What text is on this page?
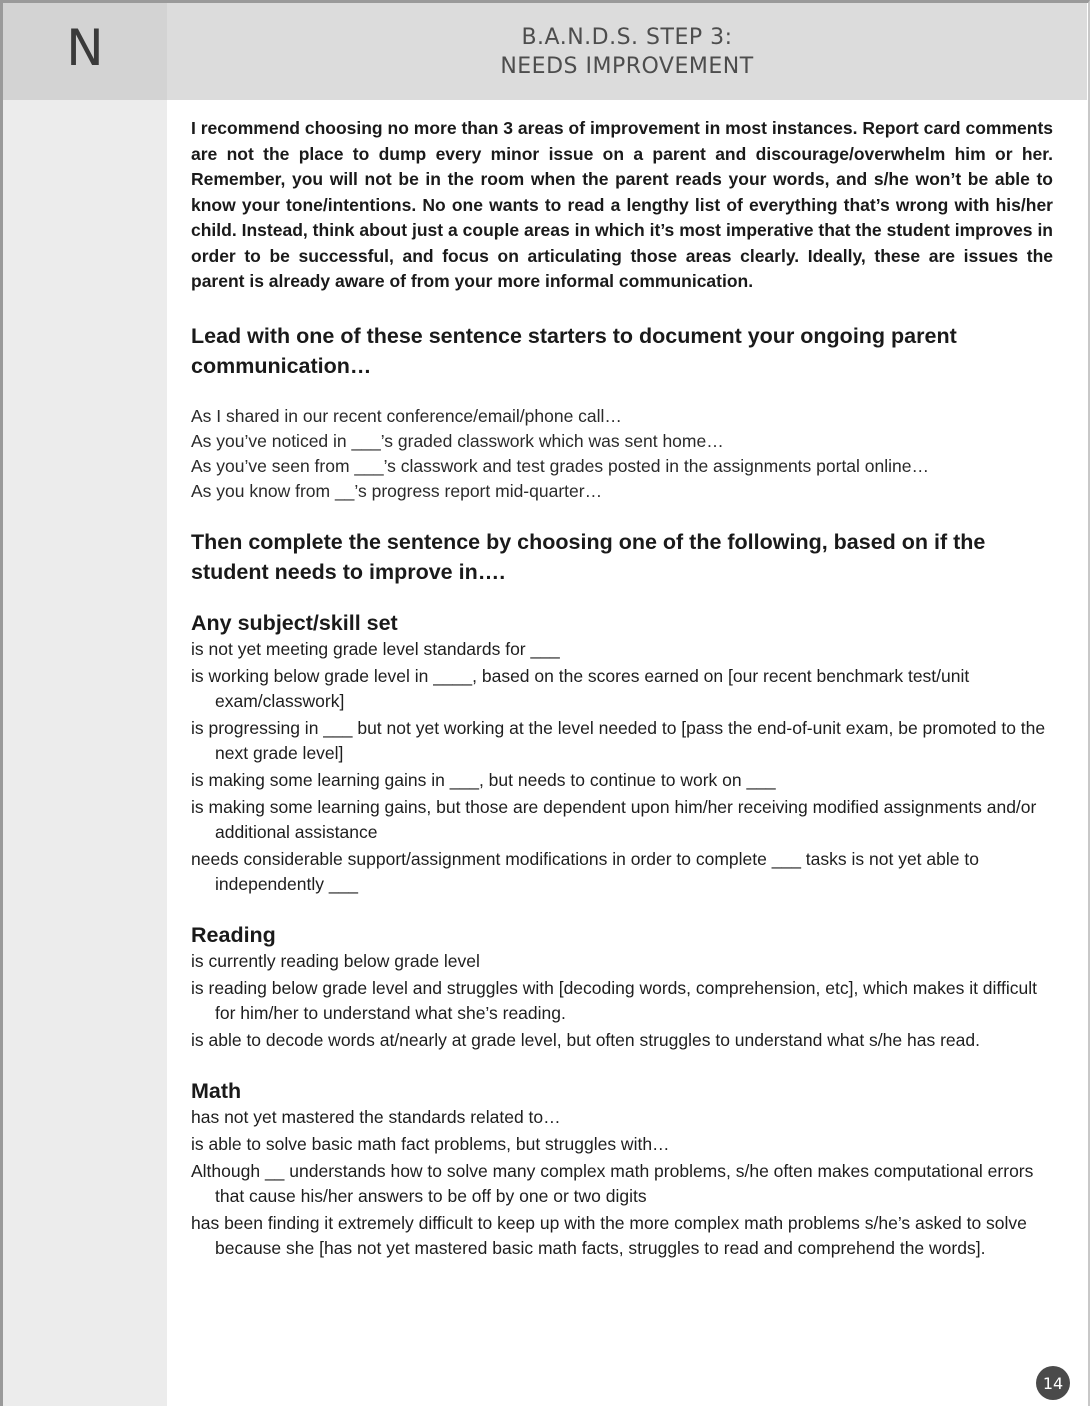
N	B.A.N.D.S. STEP 3:
NEEDS IMPROVEMENT

I recommend choosing no more than 3 areas of improvement in most instances. Report card comments are not the place to dump every minor issue on a parent and discourage/overwhelm him or her. Remember, you will not be in the room when the parent reads your words, and s/he won’t be able to know your tone/intentions. No one wants to read a lengthy list of everything that’s wrong with his/her child. Instead, think about just a couple areas in which it’s most imperative that the student improves in order to be successful, and focus on articulating those areas clearly. Ideally, these are issues the parent is already aware of from your more informal communication.

Lead with one of these sentence starters to document your ongoing parent communication…

As I shared in our recent conference/email/phone call…
As you’ve noticed in ___’s graded classwork which was sent home…
As you’ve seen from ___’s classwork and test grades posted in the assignments portal online…
As you know from __’s progress report mid-quarter…

Then complete the sentence by choosing one of the following, based on if the student needs to improve in….

Any subject/skill set
is not yet meeting grade level standards for ___
is working below grade level in ____, based on the scores earned on [our recent benchmark test/unit exam/classwork]
is progressing in ___ but not yet working at the level needed to [pass the end-of-unit exam, be promoted to the next grade level]
is making some learning gains in ___, but needs to continue to work on ___
is making some learning gains, but those are dependent upon him/her receiving modified assignments and/or additional assistance
needs considerable support/assignment modifications in order to complete ___ tasks is not yet able to independently ___
Reading
is currently reading below grade level
is reading below grade level and struggles with [decoding words, comprehension, etc], which makes it difficult for him/her to understand what she’s reading.
is able to decode words at/nearly at grade level, but often struggles to understand what s/he has read.
Math
has not yet mastered the standards related to…
is able to solve basic math fact problems, but struggles with…
Although __ understands how to solve many complex math problems, s/he often makes computational errors that cause his/her answers to be off by one or two digits
has been finding it extremely difficult to keep up with the more complex math problems s/he’s asked to solve because she [has not yet mastered basic math facts, struggles to read and comprehend the words].
14
